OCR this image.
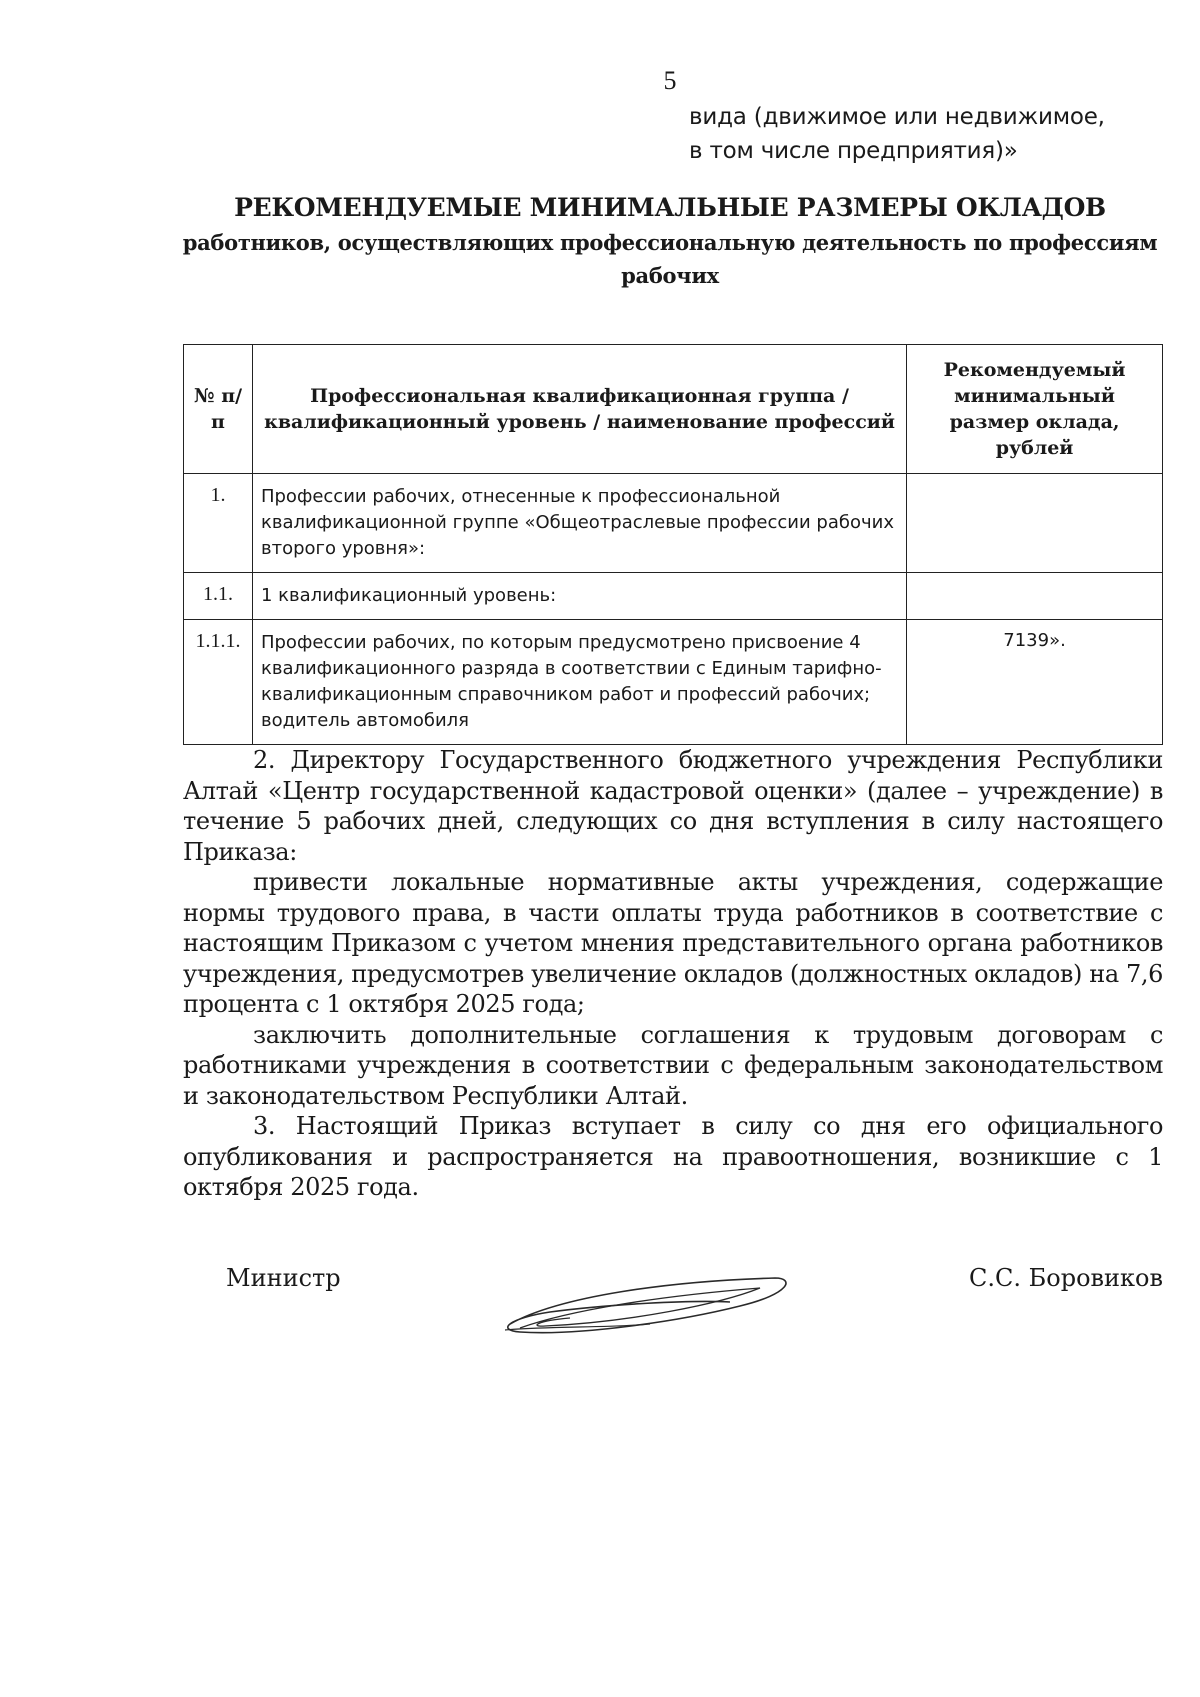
5
вида (движимое или недвижимое,
в том числе предприятия)»
РЕКОМЕНДУЕМЫЕ МИНИМАЛЬНЫЕ РАЗМЕРЫ ОКЛАДОВ
работников, осуществляющих профессиональную деятельность по профессиям рабочих
№ п/п	Профессиональная квалификационная группа / квалификационный уровень / наименование профессий	Рекомендуемый минимальный размер оклада, рублей
1.	Профессии рабочих, отнесенные к профессиональной квалификационной группе «Общеотраслевые профессии рабочих второго уровня»:	
1.1.	1 квалификационный уровень:	
1.1.1.	Профессии рабочих, по которым предусмотрено присвоение 4 квалификационного разряда в соответствии с Единым тарифно-квалификационным справочником работ и профессий рабочих; водитель автомобиля	7139».

2. Директору Государственного бюджетного учреждения Республики Алтай «Центр государственной кадастровой оценки» (далее – учреждение) в течение 5 рабочих дней, следующих со дня вступления в силу настоящего Приказа:

привести локальные нормативные акты учреждения, содержащие нормы трудового права, в части оплаты труда работников в соответствие с настоящим Приказом с учетом мнения представительного органа работников учреждения, предусмотрев увеличение окладов (должностных окладов) на 7,6 процента с 1 октября 2025 года;

заключить дополнительные соглашения к трудовым договорам с работниками учреждения в соответствии с федеральным законодательством и законодательством Республики Алтай.

3. Настоящий Приказ вступает в силу со дня его официального опубликования и распространяется на правоотношения, возникшие с 1 октября 2025 года.

Министр	С.С. Боровиков
